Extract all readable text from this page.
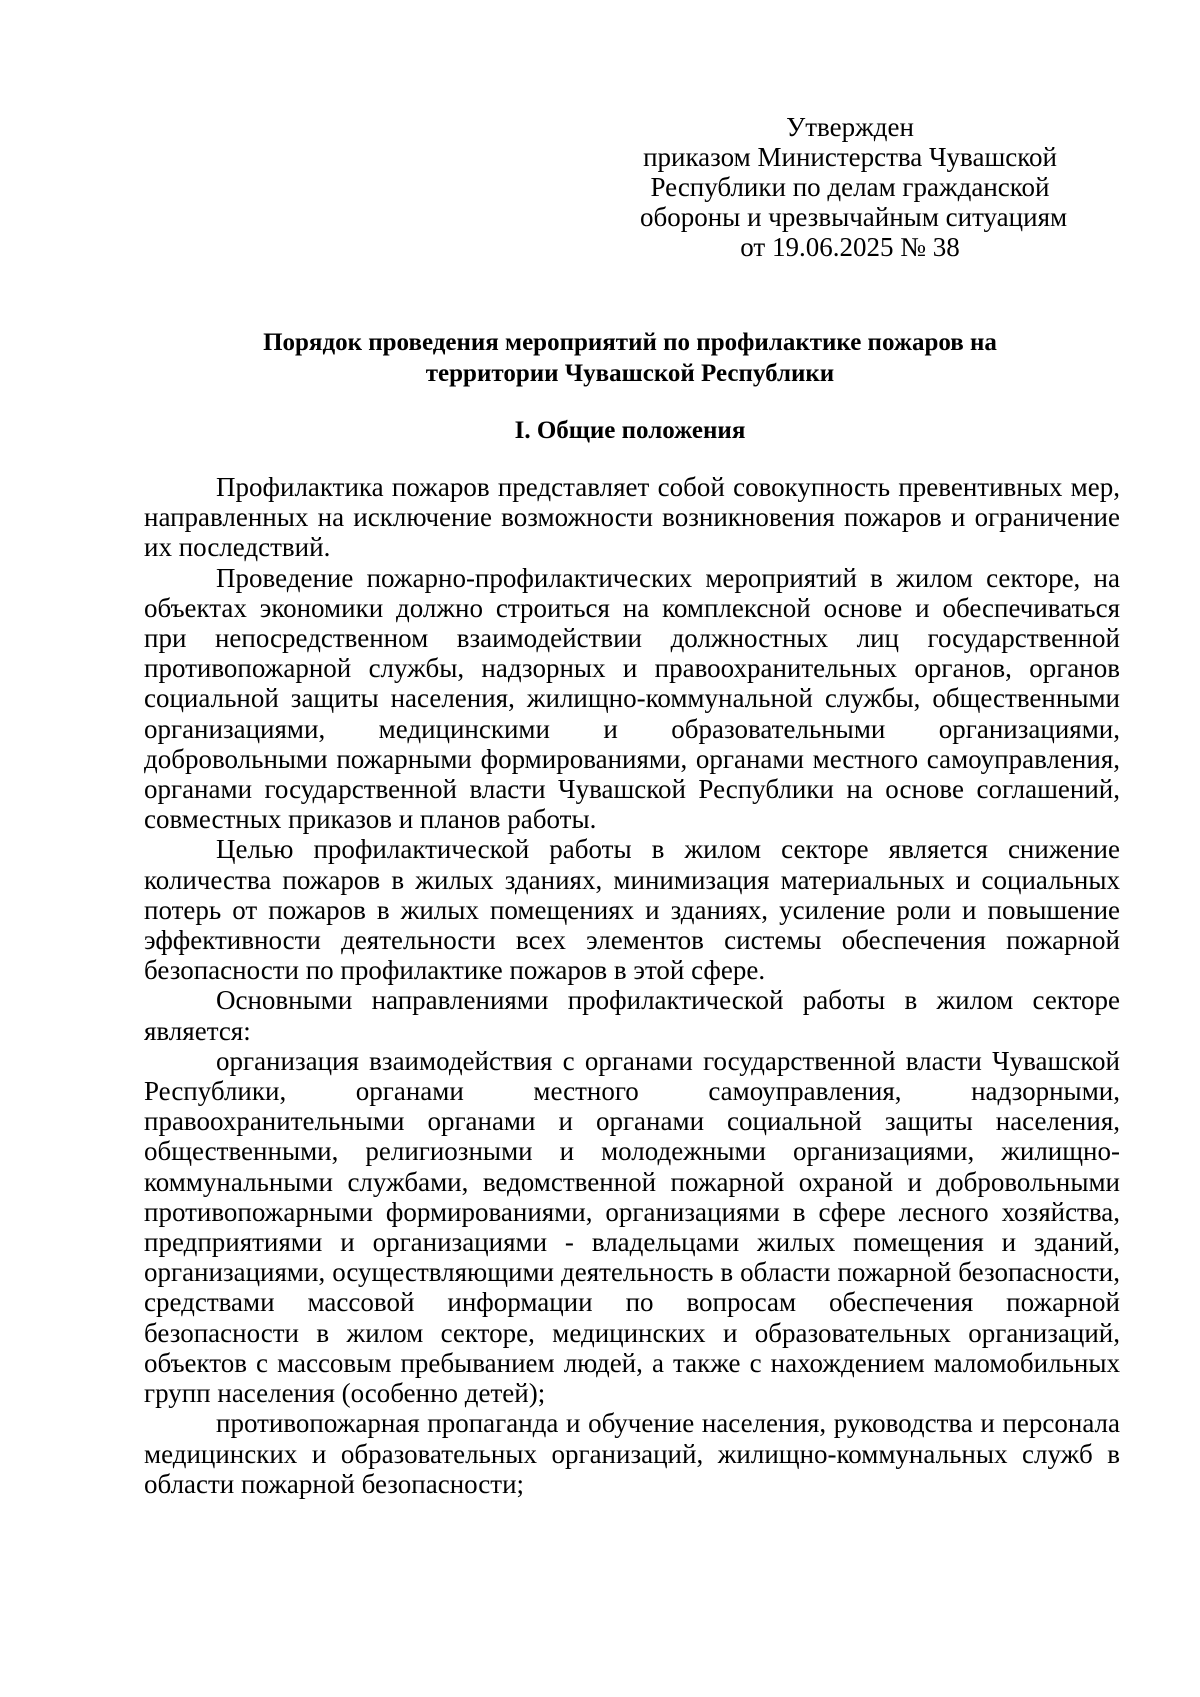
Утвержден
приказом Министерства Чувашской
Республики по делам гражданской
обороны и чрезвычайным ситуациям
от 19.06.2025 № 38
Порядок проведения мероприятий по профилактике пожаров на
территории Чувашской Республики
I. Общие положения

Профилактика пожаров представляет собой совокупность превентивных мер, направленных на исключение возможности возникновения пожаров и ограничение их последствий.

Проведение пожарно-профилактических мероприятий в жилом секторе, на объектах экономики должно строиться на комплексной основе и обеспечиваться при непосредственном взаимодействии должностных лиц государственной противопожарной службы, надзорных и правоохранительных органов, органов социальной защиты населения, жилищно-коммунальной службы, общественными организациями, медицинскими и образовательными организациями, добровольными пожарными формированиями, органами местного самоуправления, органами государственной власти Чувашской Республики на основе соглашений, совместных приказов и планов работы.

Целью профилактической работы в жилом секторе является снижение количества пожаров в жилых зданиях, минимизация материальных и социальных потерь от пожаров в жилых помещениях и зданиях, усиление роли и повышение эффективности деятельности всех элементов системы обеспечения пожарной безопасности по профилактике пожаров в этой сфере.

Основными направлениями профилактической работы в жилом секторе является:

организация взаимодействия с органами государственной власти Чувашской Республики, органами местного самоуправления, надзорными, правоохранительными органами и органами социальной защиты населения, общественными, религиозными и молодежными организациями, жилищно-коммунальными службами, ведомственной пожарной охраной и добровольными противопожарными формированиями, организациями в сфере лесного хозяйства, предприятиями и организациями - владельцами жилых помещения и зданий, организациями, осуществляющими деятельность в области пожарной безопасности, средствами массовой информации по вопросам обеспечения пожарной безопасности в жилом секторе, медицинских и образовательных организаций, объектов с массовым пребыванием людей, а также с нахождением маломобильных групп населения (особенно детей);

противопожарная пропаганда и обучение населения, руководства и персонала медицинских и образовательных организаций, жилищно-коммунальных служб в области пожарной безопасности;
